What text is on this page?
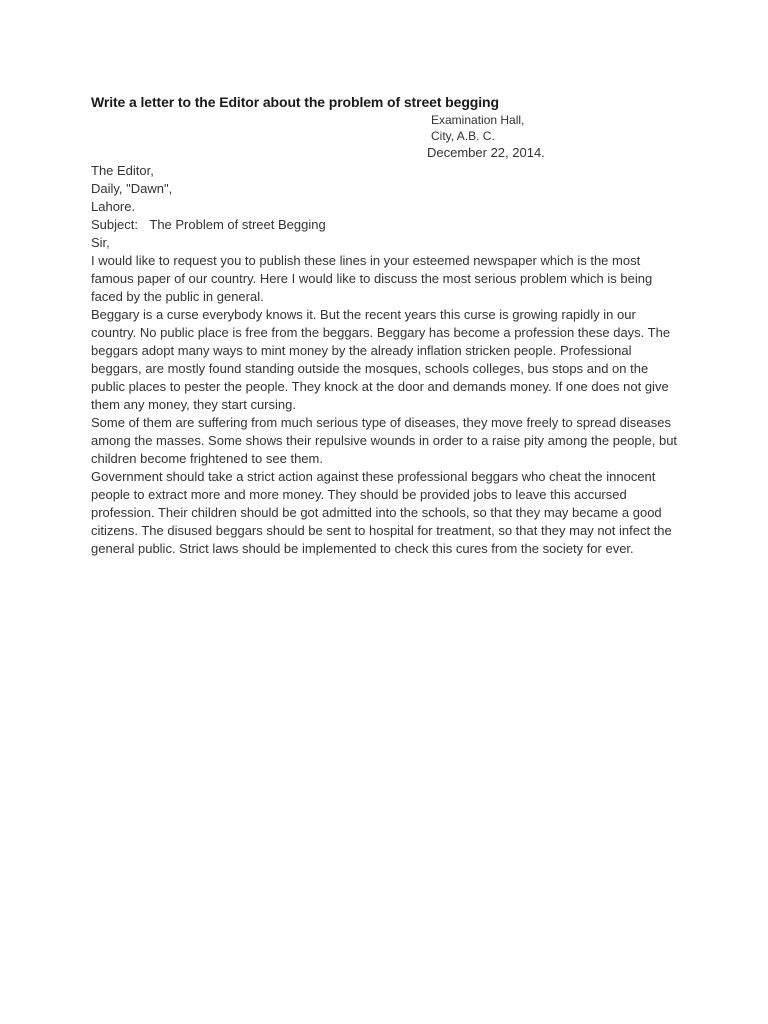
Write a letter to the Editor about the problem of street begging
Examination Hall,
City, A.B. C.
December 22, 2014.
The Editor,
Daily, "Dawn",
Lahore.
Subject: The Problem of street Begging
Sir,
I would like to request you to publish these lines in your esteemed newspaper which is the most famous paper of our country. Here I would like to discuss the most serious problem which is being faced by the public in general.
Beggary is a curse everybody knows it. But the recent years this curse is growing rapidly in our country. No public place is free from the beggars. Beggary has become a profession these days. The beggars adopt many ways to mint money by the already inflation stricken people. Professional beggars, are mostly found standing outside the mosques, schools colleges, bus stops and on the public places to pester the people. They knock at the door and demands money. If one does not give them any money, they start cursing.
Some of them are suffering from much serious type of diseases, they move freely to spread diseases among the masses. Some shows their repulsive wounds in order to a raise pity among the people, but children become frightened to see them.
Government should take a strict action against these professional beggars who cheat the innocent people to extract more and more money. They should be provided jobs to leave this accursed profession. Their children should be got admitted into the schools, so that they may became a good citizens. The disused beggars should be sent to hospital for treatment, so that they may not infect the general public. Strict laws should be implemented to check this cures from the society for ever.
